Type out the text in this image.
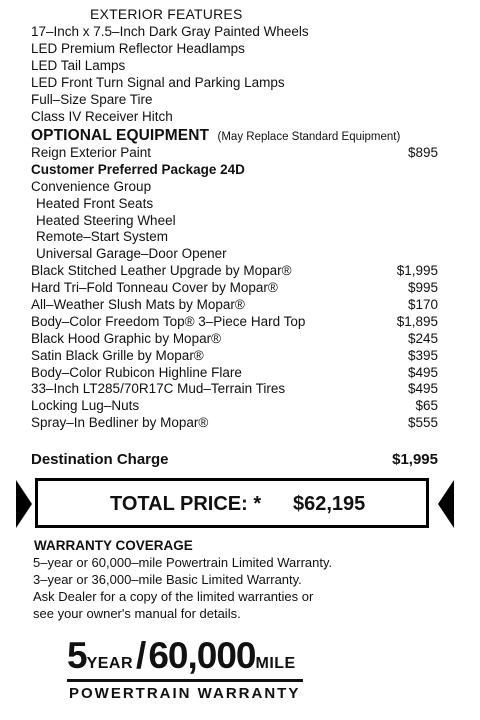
EXTERIOR FEATURES
17–Inch x 7.5–Inch Dark Gray Painted Wheels
LED Premium Reflector Headlamps
LED Tail Lamps
LED Front Turn Signal and Parking Lamps
Full–Size Spare Tire
Class IV Receiver Hitch
OPTIONAL EQUIPMENT (May Replace Standard Equipment)
Reign Exterior Paint	$895
Customer Preferred Package 24D
Convenience Group
Heated Front Seats
Heated Steering Wheel
Remote–Start System
Universal Garage–Door Opener
Black Stitched Leather Upgrade by Mopar®	$1,995
Hard Tri–Fold Tonneau Cover by Mopar®	$995
All–Weather Slush Mats by Mopar®	$170
Body–Color Freedom Top® 3–Piece Hard Top	$1,895
Black Hood Graphic by Mopar®	$245
Satin Black Grille by Mopar®	$395
Body–Color Rubicon Highline Flare	$495
33–Inch LT285/70R17C Mud–Terrain Tires	$495
Locking Lug–Nuts	$65
Spray–In Bedliner by Mopar®	$555
Destination Charge	$1,995
TOTAL PRICE: * $62,195
WARRANTY COVERAGE
5–year or 60,000–mile Powertrain Limited Warranty.
3–year or 36,000–mile Basic Limited Warranty.
Ask Dealer for a copy of the limited warranties or
see your owner's manual for details.
5YEAR/60,000MILE
POWERTRAIN WARRANTY
